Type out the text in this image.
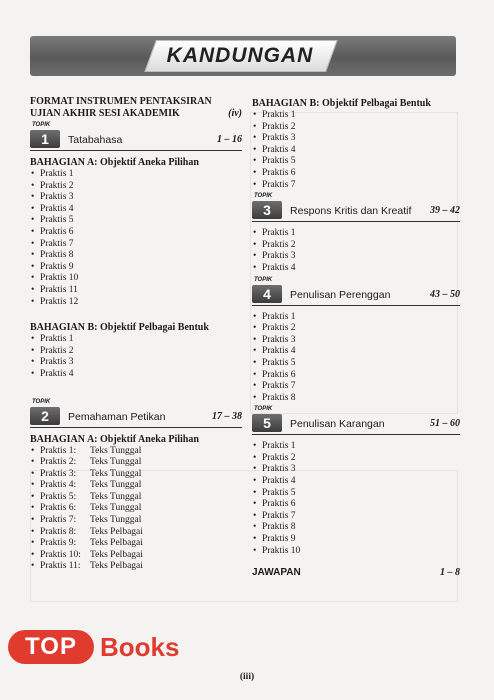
KANDUNGAN
FORMAT INSTRUMEN PENTAKSIRAN
UJIAN AKHIR SESI AKADEMIK	(iv)
TOPIK
1	Tatabahasa	1 – 16
BAHAGIAN A: Objektif Aneka Pilihan
• Praktis 1
• Praktis 2
• Praktis 3
• Praktis 4
• Praktis 5
• Praktis 6
• Praktis 7
• Praktis 8
• Praktis 9
• Praktis 10
• Praktis 11
• Praktis 12
BAHAGIAN B: Objektif Pelbagai Bentuk
• Praktis 1
• Praktis 2
• Praktis 3
• Praktis 4
TOPIK
2	Pemahaman Petikan	17 – 38
BAHAGIAN A: Objektif Aneka Pilihan
• Praktis 1: Teks Tunggal
• Praktis 2: Teks Tunggal
• Praktis 3: Teks Tunggal
• Praktis 4: Teks Tunggal
• Praktis 5: Teks Tunggal
• Praktis 6: Teks Tunggal
• Praktis 7: Teks Tunggal
• Praktis 8: Teks Pelbagai
• Praktis 9: Teks Pelbagai
• Praktis 10: Teks Pelbagai
• Praktis 11: Teks Pelbagai
BAHAGIAN B: Objektif Pelbagai Bentuk
• Praktis 1
• Praktis 2
• Praktis 3
• Praktis 4
• Praktis 5
• Praktis 6
• Praktis 7
TOPIK
3	Respons Kritis dan Kreatif 39 – 42
• Praktis 1
• Praktis 2
• Praktis 3
• Praktis 4
TOPIK
4	Penulisan Perenggan	43 – 50
• Praktis 1
• Praktis 2
• Praktis 3
• Praktis 4
• Praktis 5
• Praktis 6
• Praktis 7
• Praktis 8
TOPIK
5	Penulisan Karangan	51 – 60
• Praktis 1
• Praktis 2
• Praktis 3
• Praktis 4
• Praktis 5
• Praktis 6
• Praktis 7
• Praktis 8
• Praktis 9
• Praktis 10
JAWAPAN	1 – 8
TOP Books
(iii)
